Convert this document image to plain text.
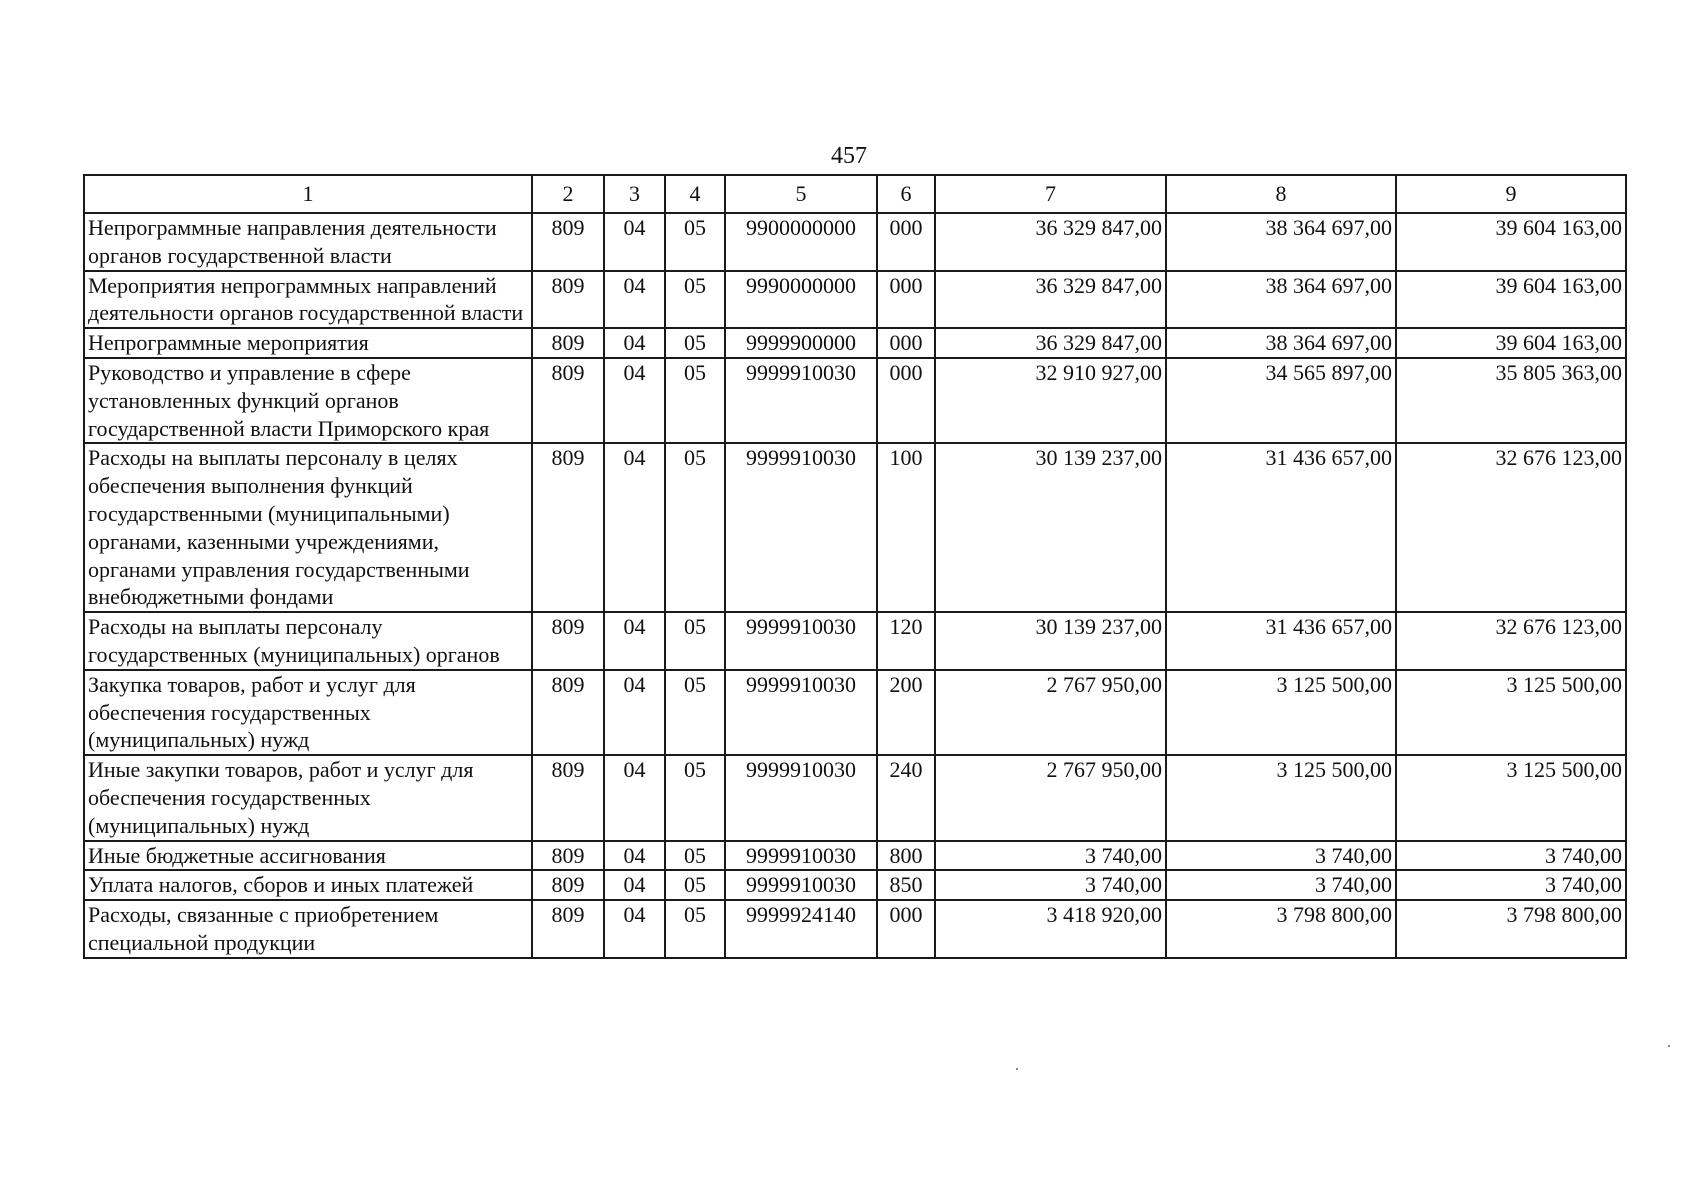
457
1	2	3	4	5	6	7	8	9
Непрограммные направления деятельности органов государственной власти	809	04	05	9900000000	000	36 329 847,00	38 364 697,00	39 604 163,00
Мероприятия непрограммных направлений деятельности органов государственной власти	809	04	05	9990000000	000	36 329 847,00	38 364 697,00	39 604 163,00
Непрограммные мероприятия	809	04	05	9999900000	000	36 329 847,00	38 364 697,00	39 604 163,00
Руководство и управление в сфере установленных функций органов государственной власти Приморского края	809	04	05	9999910030	000	32 910 927,00	34 565 897,00	35 805 363,00
Расходы на выплаты персоналу в целях обеспечения выполнения функций государственными (муниципальными) органами, казенными учреждениями, органами управления государственными внебюджетными фондами	809	04	05	9999910030	100	30 139 237,00	31 436 657,00	32 676 123,00
Расходы на выплаты персоналу государственных (муниципальных) органов	809	04	05	9999910030	120	30 139 237,00	31 436 657,00	32 676 123,00
Закупка товаров, работ и услуг для обеспечения государственных (муниципальных) нужд	809	04	05	9999910030	200	2 767 950,00	3 125 500,00	3 125 500,00
Иные закупки товаров, работ и услуг для обеспечения государственных (муниципальных) нужд	809	04	05	9999910030	240	2 767 950,00	3 125 500,00	3 125 500,00
Иные бюджетные ассигнования	809	04	05	9999910030	800	3 740,00	3 740,00	3 740,00
Уплата налогов, сборов и иных платежей	809	04	05	9999910030	850	3 740,00	3 740,00	3 740,00
Расходы, связанные с приобретением специальной продукции	809	04	05	9999924140	000	3 418 920,00	3 798 800,00	3 798 800,00
